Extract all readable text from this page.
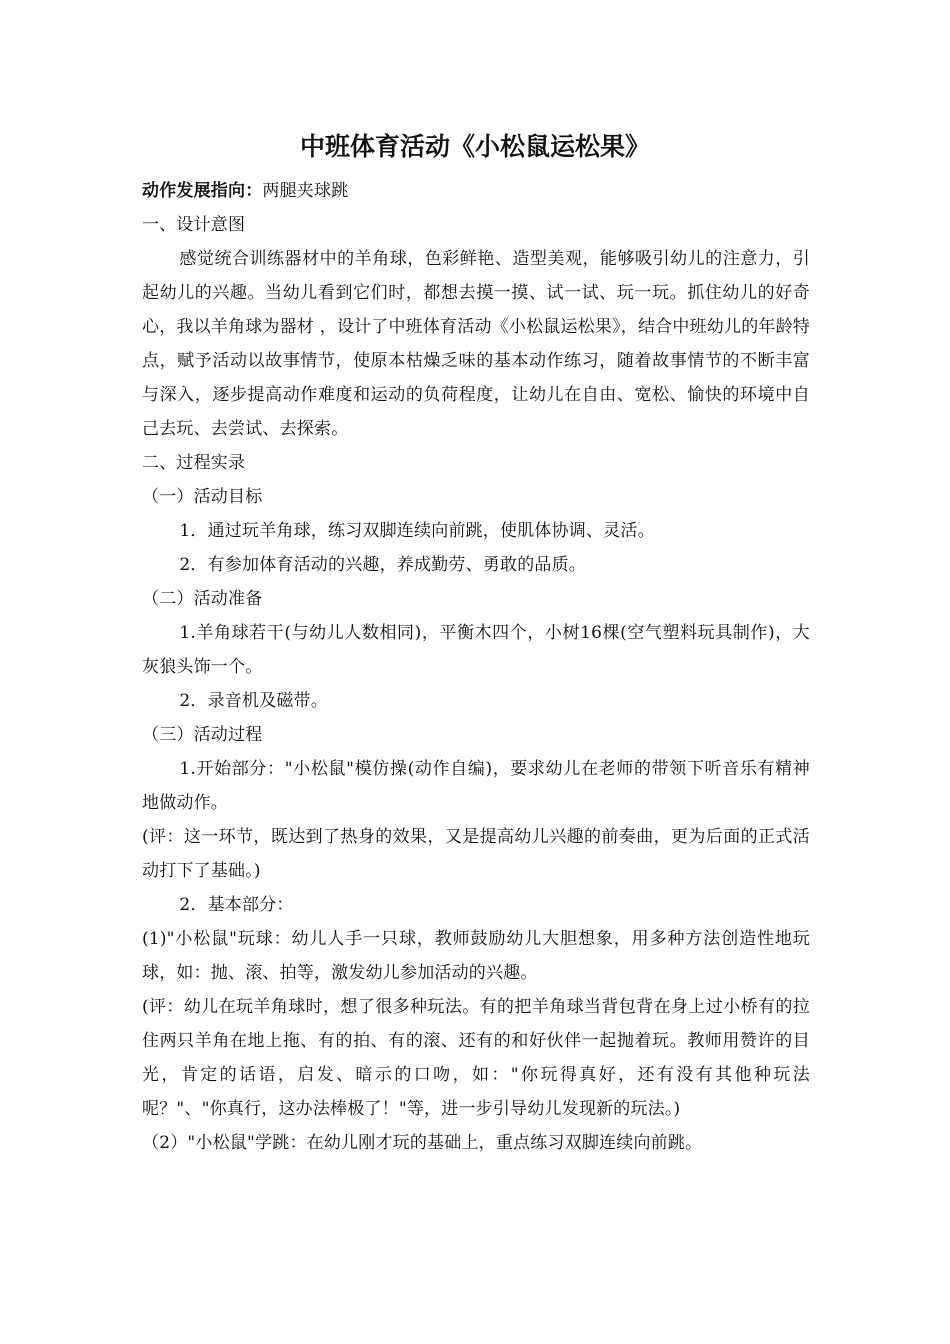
中班体育活动《小松鼠运松果》

动作发展指向：两腿夹球跳

一、设计意图

感觉统合训练器材中的羊角球，色彩鲜艳、造型美观，能够吸引幼儿的注意力，引起幼儿的兴趣。当幼儿看到它们时，都想去摸一摸、试一试、玩一玩。抓住幼儿的好奇心，我以羊角球为器材 ，设计了中班体育活动《小松鼠运松果》，结合中班幼儿的年龄特点，赋予活动以故事情节，使原本枯燥乏味的基本动作练习，随着故事情节的不断丰富与深入，逐步提高动作难度和运动的负荷程度，让幼儿在自由、宽松、愉快的环境中自己去玩、去尝试、去探索。

二、过程实录

（一）活动目标

1．通过玩羊角球，练习双脚连续向前跳，使肌体协调、灵活。

2．有参加体育活动的兴趣，养成勤劳、勇敢的品质。

（二）活动准备

1.羊角球若干(与幼儿人数相同)，平衡木四个，小树16棵(空气塑料玩具制作)，大灰狼头饰一个。

2．录音机及磁带。

（三）活动过程

1.开始部分："小松鼠"模仿操(动作自编)，要求幼儿在老师的带领下听音乐有精神地做动作。

(评：这一环节，既达到了热身的效果，又是提高幼儿兴趣的前奏曲，更为后面的正式活动打下了基础。)

2．基本部分：

(1)"小松鼠"玩球：幼儿人手一只球，教师鼓励幼儿大胆想象，用多种方法创造性地玩球，如：抛、滚、拍等，激发幼儿参加活动的兴趣。

(评：幼儿在玩羊角球时，想了很多种玩法。有的把羊角球当背包背在身上过小桥有的拉住两只羊角在地上拖、有的拍、有的滚、还有的和好伙伴一起抛着玩。教师用赞许的目光，肯定的话语，启发、暗示的口吻，如："你玩得真好，还有没有其他种玩法呢？"、"你真行，这办法棒极了！"等，进一步引导幼儿发现新的玩法。)

（2）"小松鼠"学跳：在幼儿刚才玩的基础上，重点练习双脚连续向前跳。
